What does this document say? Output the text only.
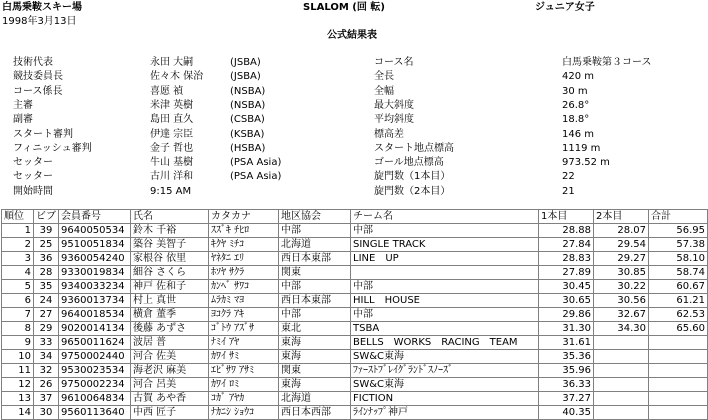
白馬乗鞍スキー場	SLALOM (回 転)	ジュニア女子
1998年3月13日
公式結果表
技術代表	永田 大嗣	(JSBA)	コース名	白馬乗鞍第３コース
競技委員長	佐々木 保治	(JSBA)	全長	420 m
コース係長	喜愿 禎	(NSBA)	全幅	30 m
主審	米津 英樹	(NSBA)	最大斜度	26.8°
副審	島田 直久	(CSBA)	平均斜度	18.8°
スタート審判	伊達 宗臣	(KSBA)	標高差	146 m
フィニッシュ審判	金子 哲也	(HSBA)	スタート地点標高	1119 m
セッター	牛山 基樹	(PSA Asia)	ゴール地点標高	973.52 m
セッター	古川 洋和	(PSA Asia)	旋門数（1本目）	22
開始時間	9:15 AM	旋門数（2本目）	21
順位	ビブ	会員番号	氏名	カタカナ	地区協会	チーム名	1本目	2本目	合計
1	39	9640050534	鈴木 千裕	ｽｽﾞｷ ﾁﾋﾛ	中部	中部	28.88	28.07	56.95
2	25	9510051834	築谷 美智子	ｷｸﾔ ﾐﾁｺ	北海道	SINGLE TRACK	27.84	29.54	57.38
3	36	9360054240	家根谷 依里	ﾔﾈﾀﾆ ｴﾘ	西日本東部	LINE　UP	28.83	29.27	58.10
4	28	9330019834	細谷 さくら	ﾎｿﾔ ｻｸﾗ	関東		27.89	30.85	58.74
5	35	9340033234	神戸 佐和子	ｶﾝﾍﾞ ｻﾜｺ	中部	中部	30.45	30.22	60.67
6	24	9360013734	村上 真世	ﾑﾗｶﾐ ﾏﾖ	西日本東部	HILL　HOUSE	30.65	30.56	61.21
7	27	9640018534	横倉 董季	ﾖｺｸﾗ ｱｷ	中部	中部	29.86	32.67	62.53
8	29	9020014134	後藤 あずさ	ｺﾞﾄｳ ｱｽﾞｻ	東北	TSBA	31.30	34.30	65.60
9	33	9650011624	波居 普	ﾅﾐｲ ｱﾔ	東海	BELLS　WORKS　RACING　TEAM	31.61		
10	34	9750002440	河合 佐美	ｶﾜｲ ｻﾐ	東海	SW&C東海	35.36		
11	32	9530023534	海老沢 麻美	ｴﾋﾞｻﾜ ｱｻﾐ	関東	ﾌｧｰｽﾄﾌﾞﾚｲｸﾞﾗﾝﾄﾞｽﾉｰｽﾞ	35.96		
12	26	9750002234	河合 呂美	ｶﾜｲ ﾛﾐ	東海	SW&C東海	36.33		
13	37	9610064834	古賀 あや香	ｺｶﾞ ｱﾔｶ	北海道	FICTION	37.27		
14	30	9560113640	中西 匠子	ﾅｶﾆｼ ｼｮｳｺ	西日本西部	ﾗｲﾝﾅｯﾌﾟ神戸	40.35		
